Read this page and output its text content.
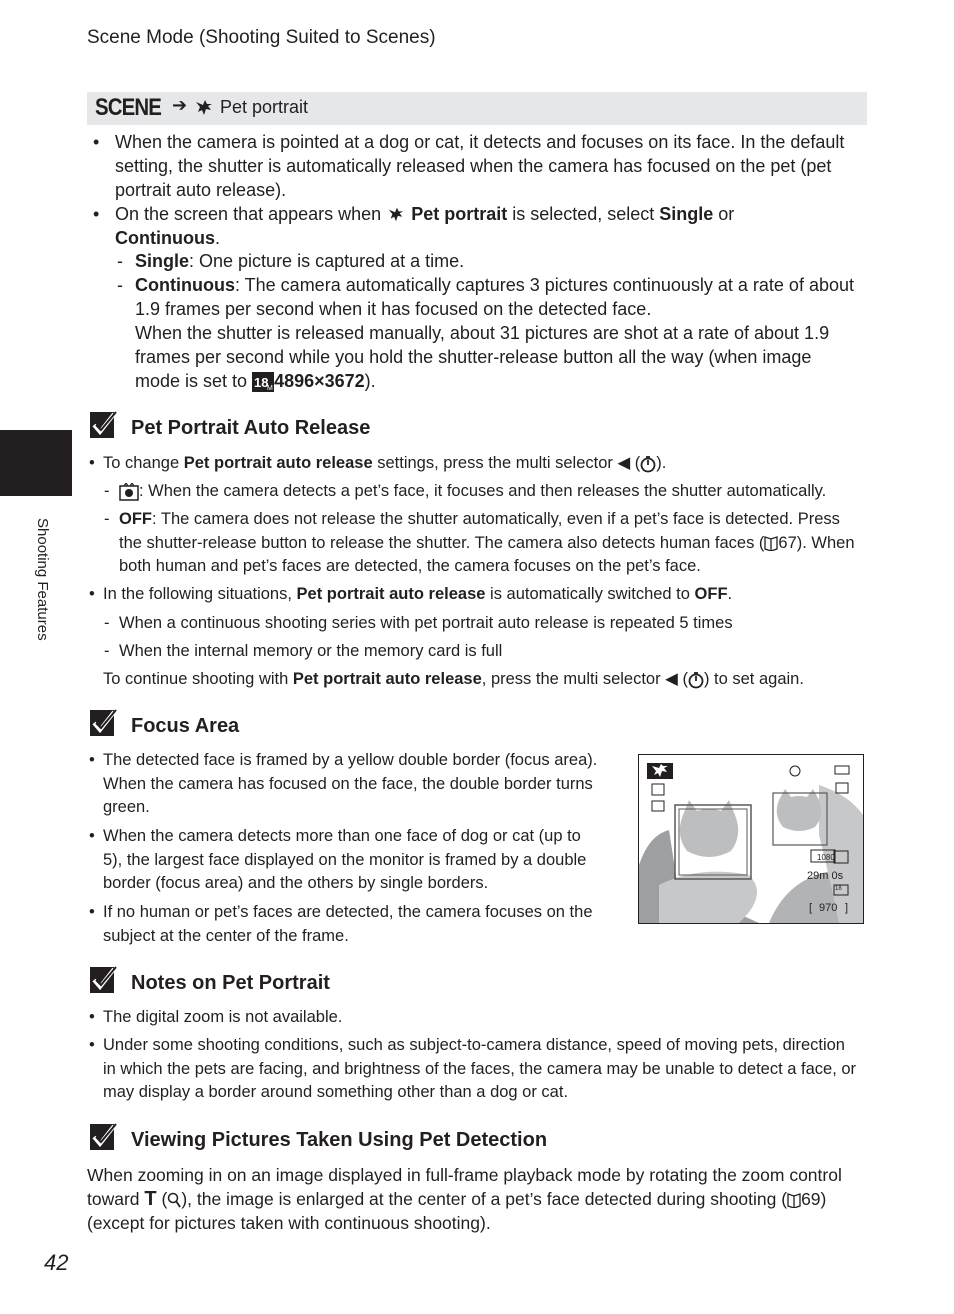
Scene Mode (Shooting Suited to Scenes)
Shooting Features
SCENE ➔ Pet portrait
• When the camera is pointed at a dog or cat, it detects and focuses on its face. In the default setting, the shutter is automatically released when the camera has focused on the pet (pet portrait auto release).
• On the screen that appears when  Pet portrait is selected, select Single or
Continuous.
- Single: One picture is captured at a time.
- Continuous: The camera automatically captures 3 pictures continuously at a rate of about 1.9 frames per second when it has focused on the detected face.
When the shutter is released manually, about 31 pictures are shot at a rate of about 1.9 frames per second while you hold the shutter-release button all the way (when image mode is set to 18
M 4896×3672).
Pet Portrait Auto Release
• To change Pet portrait auto release settings, press the multi selector ◀ ( ).
-	: When the camera detects a pet’s face, it focuses and then releases the shutter automatically.
- OFF: The camera does not release the shutter automatically, even if a pet’s face is detected. Press the shutter-release button to release the shutter. The camera also detects human faces ( 67). When both human and pet’s faces are detected, the camera focuses on the pet’s face.
• In the following situations, Pet portrait auto release is automatically switched to OFF.
- When a continuous shooting series with pet portrait auto release is repeated 5 times
- When the internal memory or the memory card is full
To continue shooting with Pet portrait auto release, press the multi selector ◀ ( ) to set again.
Focus Area
• The detected face is framed by a yellow double border (focus area). When the camera has focused on the face, the double border turns green.
• When the camera detects more than one face of dog or cat (up to 5), the largest face displayed on the monitor is framed by a double border (focus area) and the others by single borders.
• If no human or pet’s faces are detected, the camera focuses on the subject at the center of the frame.
1080
29m 0s
18
970
[	]
Notes on Pet Portrait
• The digital zoom is not available.
• Under some shooting conditions, such as subject-to-camera distance, speed of moving pets, direction in which the pets are facing, and brightness of the faces, the camera may be unable to detect a face, or may display a border around something other than a dog or cat.
Viewing Pictures Taken Using Pet Detection
When zooming in on an image displayed in full-frame playback mode by rotating the zoom control toward T ( ), the image is enlarged at the center of a pet’s face detected during shooting ( 69) (except for pictures taken with continuous shooting).
42
